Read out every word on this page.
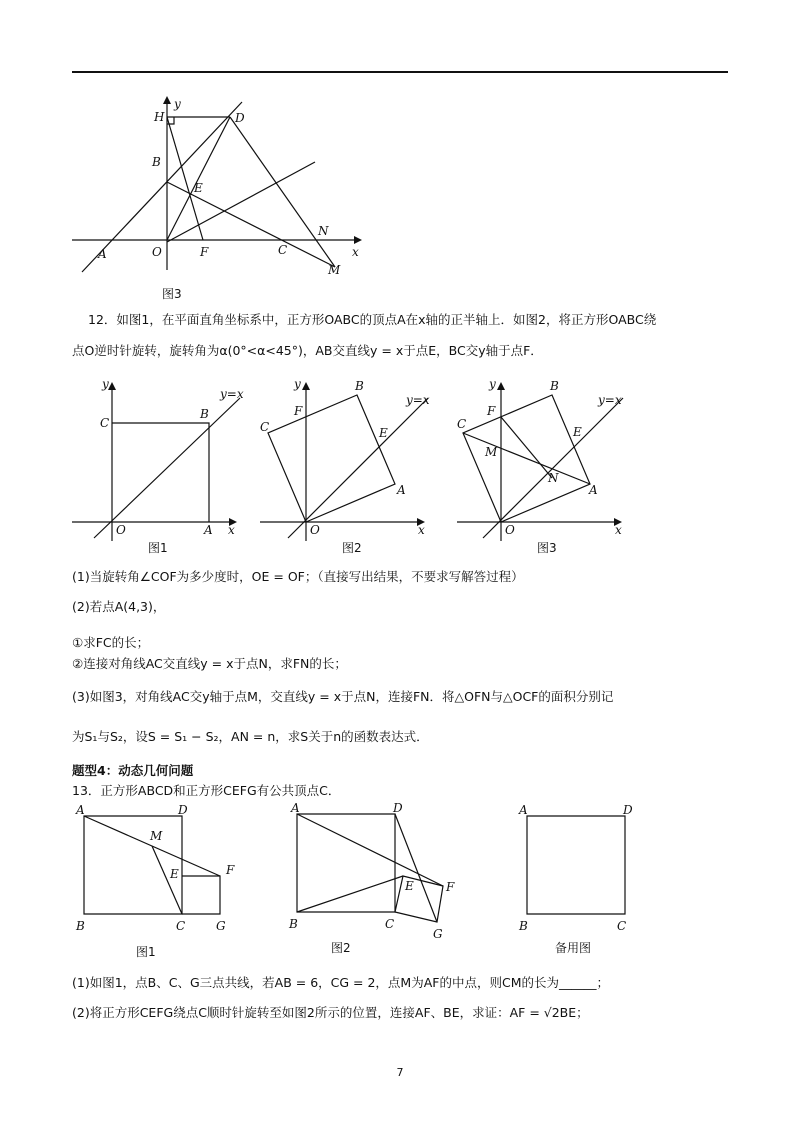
H
y
D
B
E
N
A	O	F	C	x
M
图3
12．如图1，在平面直角坐标系中，正方形OABC的顶点A在x轴的正半轴上．如图2，将正方形OABC绕
点O逆时针旋转，旋转角为α(0°<α<45°)，AB交直线y = x于点E，BC交y轴于点F．
y
x
C
B
O	A
y=x
图1
y
x
F
B
C	E
A
O
y=x
图2
y
x
F
B
C
M
E
N
A
O
y=x
图3
(1)当旋转角∠COF为多少度时，OE = OF；（直接写出结果，不要求写解答过程）
(2)若点A(4,3)，
①求FC的长；
②连接对角线AC交直线y = x于点N，求FN的长；
(3)如图3，对角线AC交y轴于点M，交直线y = x于点N，连接FN．将△OFN与△OCF的面积分别记
为S₁与S₂，设S = S₁ − S₂，AN = n，求S关于n的函数表达式．
题型4：动态几何问题
13．正方形ABCD和正方形CEFG有公共顶点C．
A	D
M
E	F
B	C	G
图1
A	D
E	F
B	C
G
图2
A	D
B	C
备用图
(1)如图1，点B、C、G三点共线，若AB = 6，CG = 2，点M为AF的中点，则CM的长为______；
(2)将正方形CEFG绕点C顺时针旋转至如图2所示的位置，连接AF、BE，求证：AF = √2BE；
7
